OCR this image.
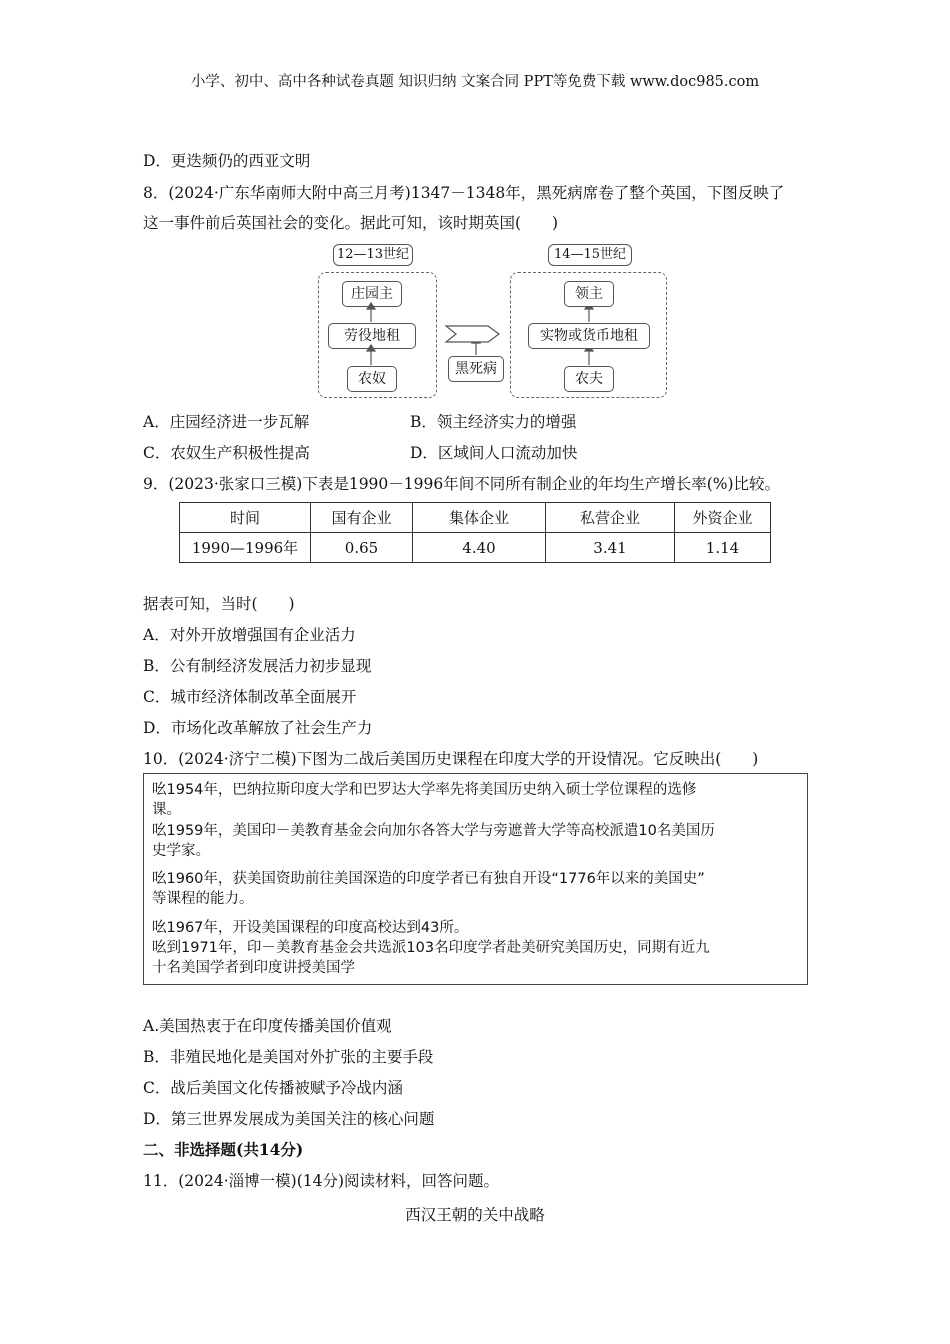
小学、初中、高中各种试卷真题 知识归纳 文案合同 PPT等免费下载 www.doc985.com
D．更迭频仍的西亚文明
8．(2024·广东华南师大附中高三月考)1347－1348年，黑死病席卷了整个英国，下图反映了
这一事件前后英国社会的变化。据此可知，该时期英国(　　)
12—13世纪
庄园主
劳役地租
农奴
黑死病
14—15世纪
领主
实物或货币地租
农夫
A．庄园经济进一步瓦解	B．领主经济实力的增强
C．农奴生产积极性提高	D．区域间人口流动加快
9．(2023·张家口三模)下表是1990－1996年间不同所有制企业的年均生产增长率(%)比较。
时间	国有企业	集体企业	私营企业	外资企业
1990—1996年	0.65	4.40	3.41	1.14
据表可知，当时(　　)
A．对外开放增强国有企业活力
B．公有制经济发展活力初步显现
C．城市经济体制改革全面展开
D．市场化改革解放了社会生产力
10．(2024·济宁二模)下图为二战后美国历史课程在印度大学的开设情况。它反映出(　　)
吆1954年，巴纳拉斯印度大学和巴罗达大学率先将美国历史纳入硕士学位课程的选修
课。
吆1959年，美国印－美教育基金会向加尔各答大学与旁遮普大学等高校派遣10名美国历
史学家。
吆1960年，获美国资助前往美国深造的印度学者已有独自开设“1776年以来的美国史”
等课程的能力。
吆1967年，开设美国课程的印度高校达到43所。
吆到1971年，印－美教育基金会共选派103名印度学者赴美研究美国历史，同期有近九
十名美国学者到印度讲授美国学
A.美国热衷于在印度传播美国价值观
B．非殖民地化是美国对外扩张的主要手段
C．战后美国文化传播被赋予冷战内涵
D．第三世界发展成为美国关注的核心问题
二、非选择题(共14分)
11．(2024·淄博一模)(14分)阅读材料，回答问题。
西汉王朝的关中战略
